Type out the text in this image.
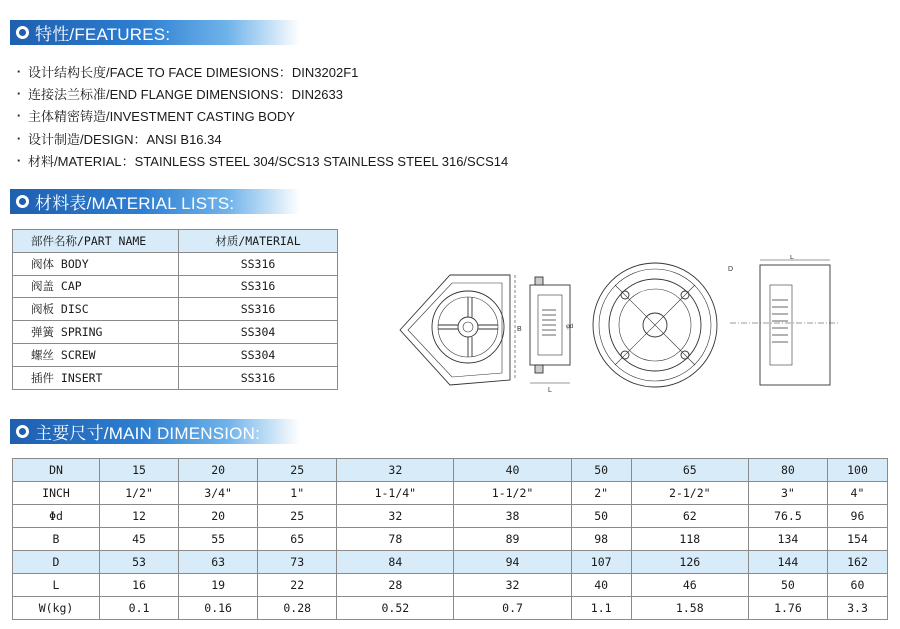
特性/FEATURES:
· 设计结构长度/FACE TO FACE DIMESIONS：DIN3202F1
· 连接法兰标准/END FLANGE DIMENSIONS：DIN2633
· 主体精密铸造/INVESTMENT CASTING BODY
· 设计制造/DESIGN：ANSI B16.34
· 材料/MATERIAL：STAINLESS STEEL 304/SCS13 STAINLESS STEEL 316/SCS14
材料表/MATERIAL LISTS:
部件名称/PART NAME	材质/MATERIAL
阀体 BODY	SS316
阀盖 CAP	SS316
阀板 DISC	SS316
弹簧 SPRING	SS304
螺丝 SCREW	SS304
插件 INSERT	SS316
B
L
φd
L
D
主要尺寸/MAIN DIMENSION:
DN	15	20	25	32	40	50	65	80	100
INCH	1/2"	3/4"	1"	1-1/4"	1-1/2"	2"	2-1/2"	3"	4"
Φd	12	20	25	32	38	50	62	76.5	96
B	45	55	65	78	89	98	118	134	154
D	53	63	73	84	94	107	126	144	162
L	16	19	22	28	32	40	46	50	60
W(kg)	0.1	0.16	0.28	0.52	0.7	1.1	1.58	1.76	3.3
